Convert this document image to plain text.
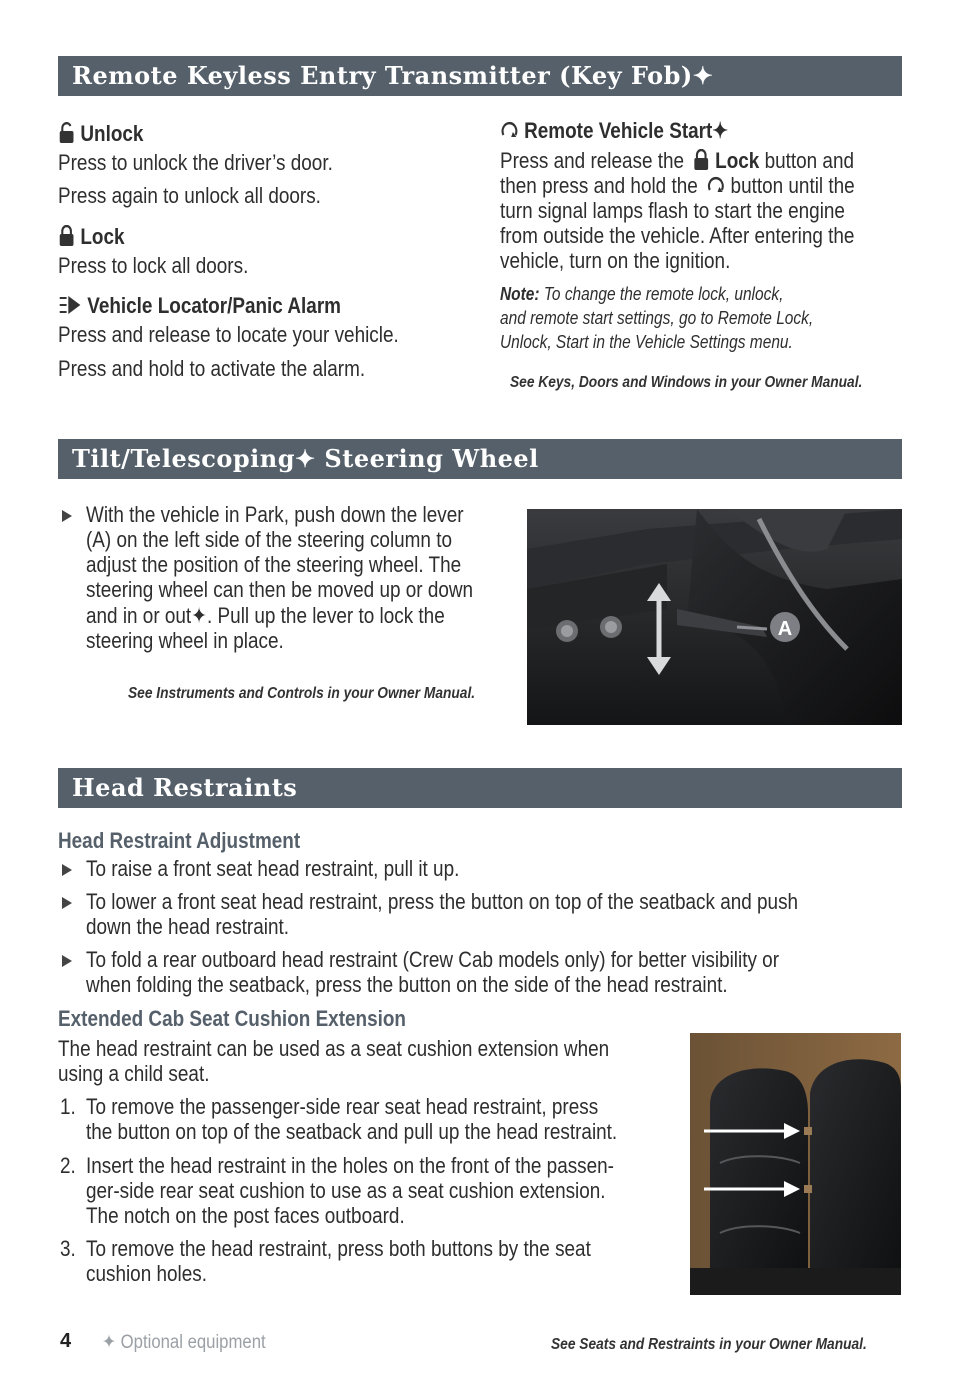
Remote Keyless Entry Transmitter (Key Fob)✦
Unlock
Press to unlock the driver’s door.
Press again to unlock all doors.
Lock
Press to lock all doors.
Vehicle Locator/Panic Alarm
Press and release to locate your vehicle.
Press and hold to activate the alarm.
Remote Vehicle Start✦
Press and release the Lock button and
then press and hold the button until the
turn signal lamps flash to start the engine
from outside the vehicle. After entering the
vehicle, turn on the ignition.
Note: To change the remote lock, unlock,
and remote start settings, go to Remote Lock,
Unlock, Start in the Vehicle Settings menu.
See Keys, Doors and Windows in your Owner Manual.
Tilt/Telescoping✦ Steering Wheel
With the vehicle in Park, push down the lever
(A) on the left side of the steering column to
adjust the position of the steering wheel. The
steering wheel can then be moved up or down
and in or out✦. Pull up the lever to lock the
steering wheel in place.
See Instruments and Controls in your Owner Manual.
A
Head Restraints
Head Restraint Adjustment
To raise a front seat head restraint, pull it up.
To lower a front seat head restraint, press the button on top of the seatback and push
down the head restraint.
To fold a rear outboard head restraint (Crew Cab models only) for better visibility or
when folding the seatback, press the button on the side of the head restraint.
Extended Cab Seat Cushion Extension
The head restraint can be used as a seat cushion extension when
using a child seat.
1. To remove the passenger-side rear seat head restraint, press
the button on top of the seatback and pull up the head restraint.
2. Insert the head restraint in the holes on the front of the passen-
ger-side rear seat cushion to use as a seat cushion extension.
The notch on the post faces outboard.
3. To remove the head restraint, press both buttons by the seat
cushion holes.
See Seats and Restraints in your Owner Manual.
4 ✦ Optional equipment
